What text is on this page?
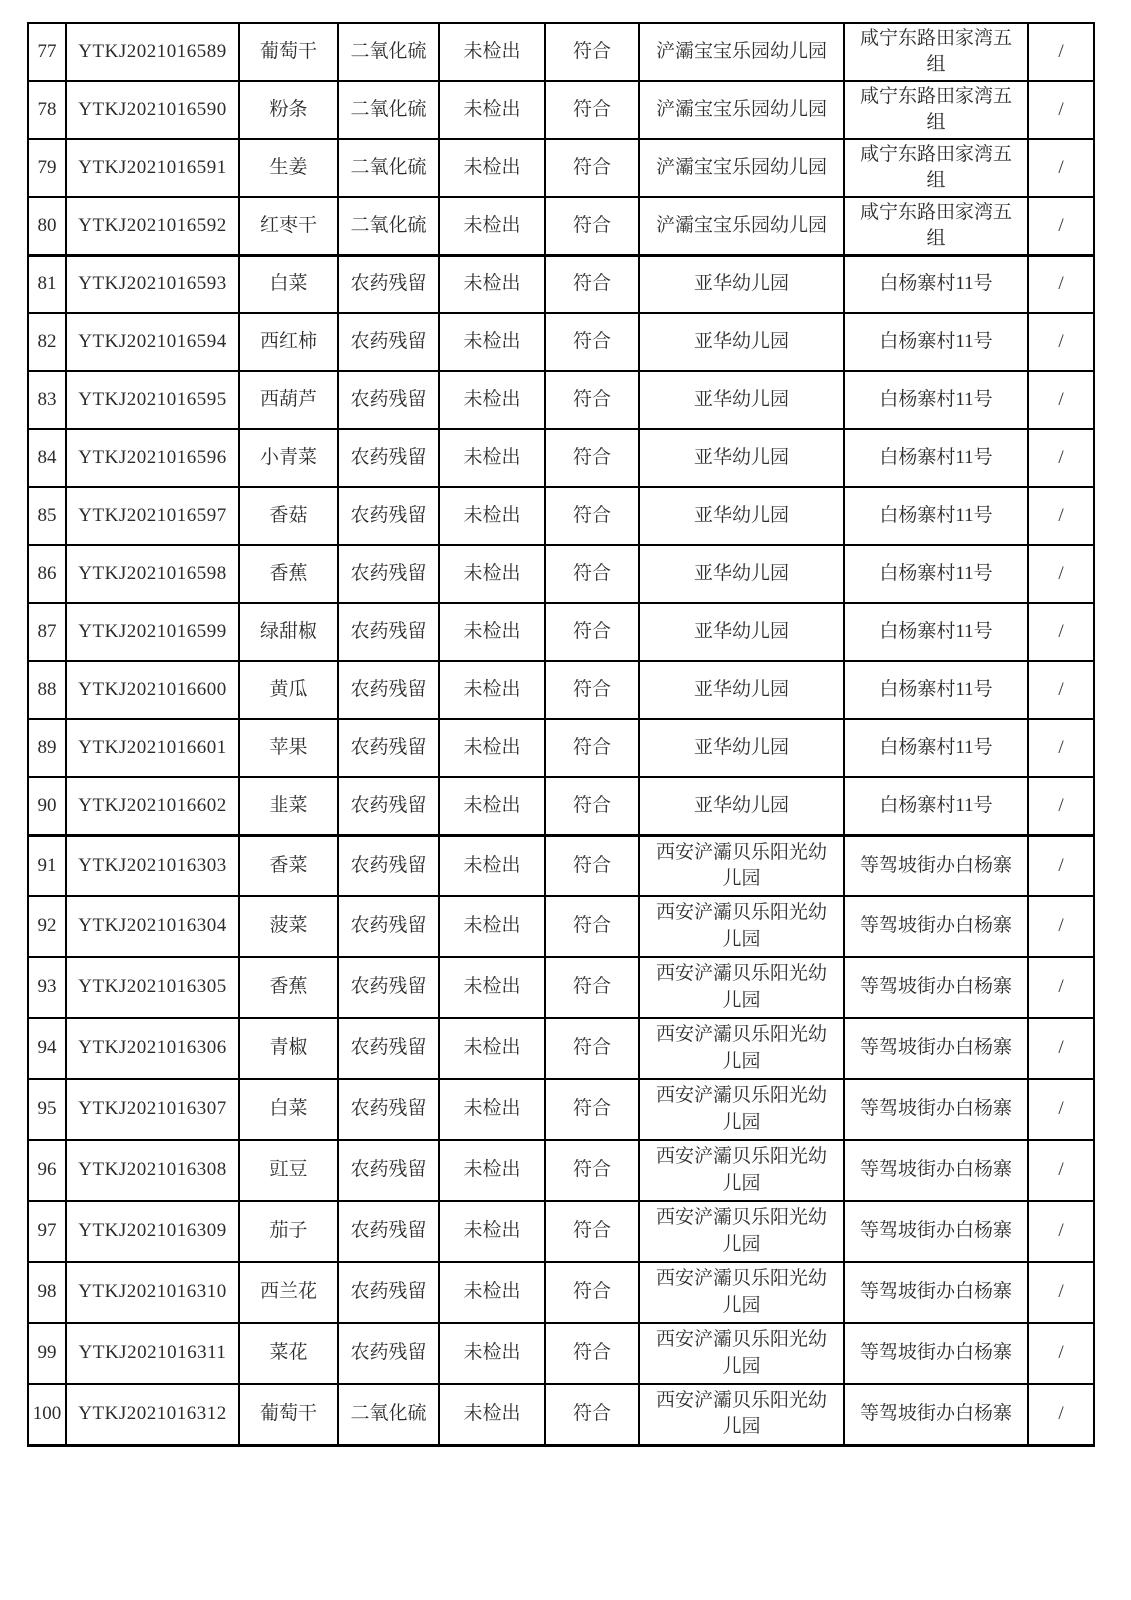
77	YTKJ2021016589	葡萄干	二氧化硫	未检出	符合	浐灞宝宝乐园幼儿园	咸宁东路田家湾五组	/
78	YTKJ2021016590	粉条	二氧化硫	未检出	符合	浐灞宝宝乐园幼儿园	咸宁东路田家湾五组	/
79	YTKJ2021016591	生姜	二氧化硫	未检出	符合	浐灞宝宝乐园幼儿园	咸宁东路田家湾五组	/
80	YTKJ2021016592	红枣干	二氧化硫	未检出	符合	浐灞宝宝乐园幼儿园	咸宁东路田家湾五组	/
81	YTKJ2021016593	白菜	农药残留	未检出	符合	亚华幼儿园	白杨寨村11号	/
82	YTKJ2021016594	西红柿	农药残留	未检出	符合	亚华幼儿园	白杨寨村11号	/
83	YTKJ2021016595	西葫芦	农药残留	未检出	符合	亚华幼儿园	白杨寨村11号	/
84	YTKJ2021016596	小青菜	农药残留	未检出	符合	亚华幼儿园	白杨寨村11号	/
85	YTKJ2021016597	香菇	农药残留	未检出	符合	亚华幼儿园	白杨寨村11号	/
86	YTKJ2021016598	香蕉	农药残留	未检出	符合	亚华幼儿园	白杨寨村11号	/
87	YTKJ2021016599	绿甜椒	农药残留	未检出	符合	亚华幼儿园	白杨寨村11号	/
88	YTKJ2021016600	黄瓜	农药残留	未检出	符合	亚华幼儿园	白杨寨村11号	/
89	YTKJ2021016601	苹果	农药残留	未检出	符合	亚华幼儿园	白杨寨村11号	/
90	YTKJ2021016602	韭菜	农药残留	未检出	符合	亚华幼儿园	白杨寨村11号	/
91	YTKJ2021016303	香菜	农药残留	未检出	符合	西安浐灞贝乐阳光幼儿园	等驾坡街办白杨寨	/
92	YTKJ2021016304	菠菜	农药残留	未检出	符合	西安浐灞贝乐阳光幼儿园	等驾坡街办白杨寨	/
93	YTKJ2021016305	香蕉	农药残留	未检出	符合	西安浐灞贝乐阳光幼儿园	等驾坡街办白杨寨	/
94	YTKJ2021016306	青椒	农药残留	未检出	符合	西安浐灞贝乐阳光幼儿园	等驾坡街办白杨寨	/
95	YTKJ2021016307	白菜	农药残留	未检出	符合	西安浐灞贝乐阳光幼儿园	等驾坡街办白杨寨	/
96	YTKJ2021016308	豇豆	农药残留	未检出	符合	西安浐灞贝乐阳光幼儿园	等驾坡街办白杨寨	/
97	YTKJ2021016309	茄子	农药残留	未检出	符合	西安浐灞贝乐阳光幼儿园	等驾坡街办白杨寨	/
98	YTKJ2021016310	西兰花	农药残留	未检出	符合	西安浐灞贝乐阳光幼儿园	等驾坡街办白杨寨	/
99	YTKJ2021016311	菜花	农药残留	未检出	符合	西安浐灞贝乐阳光幼儿园	等驾坡街办白杨寨	/
100	YTKJ2021016312	葡萄干	二氧化硫	未检出	符合	西安浐灞贝乐阳光幼儿园	等驾坡街办白杨寨	/
